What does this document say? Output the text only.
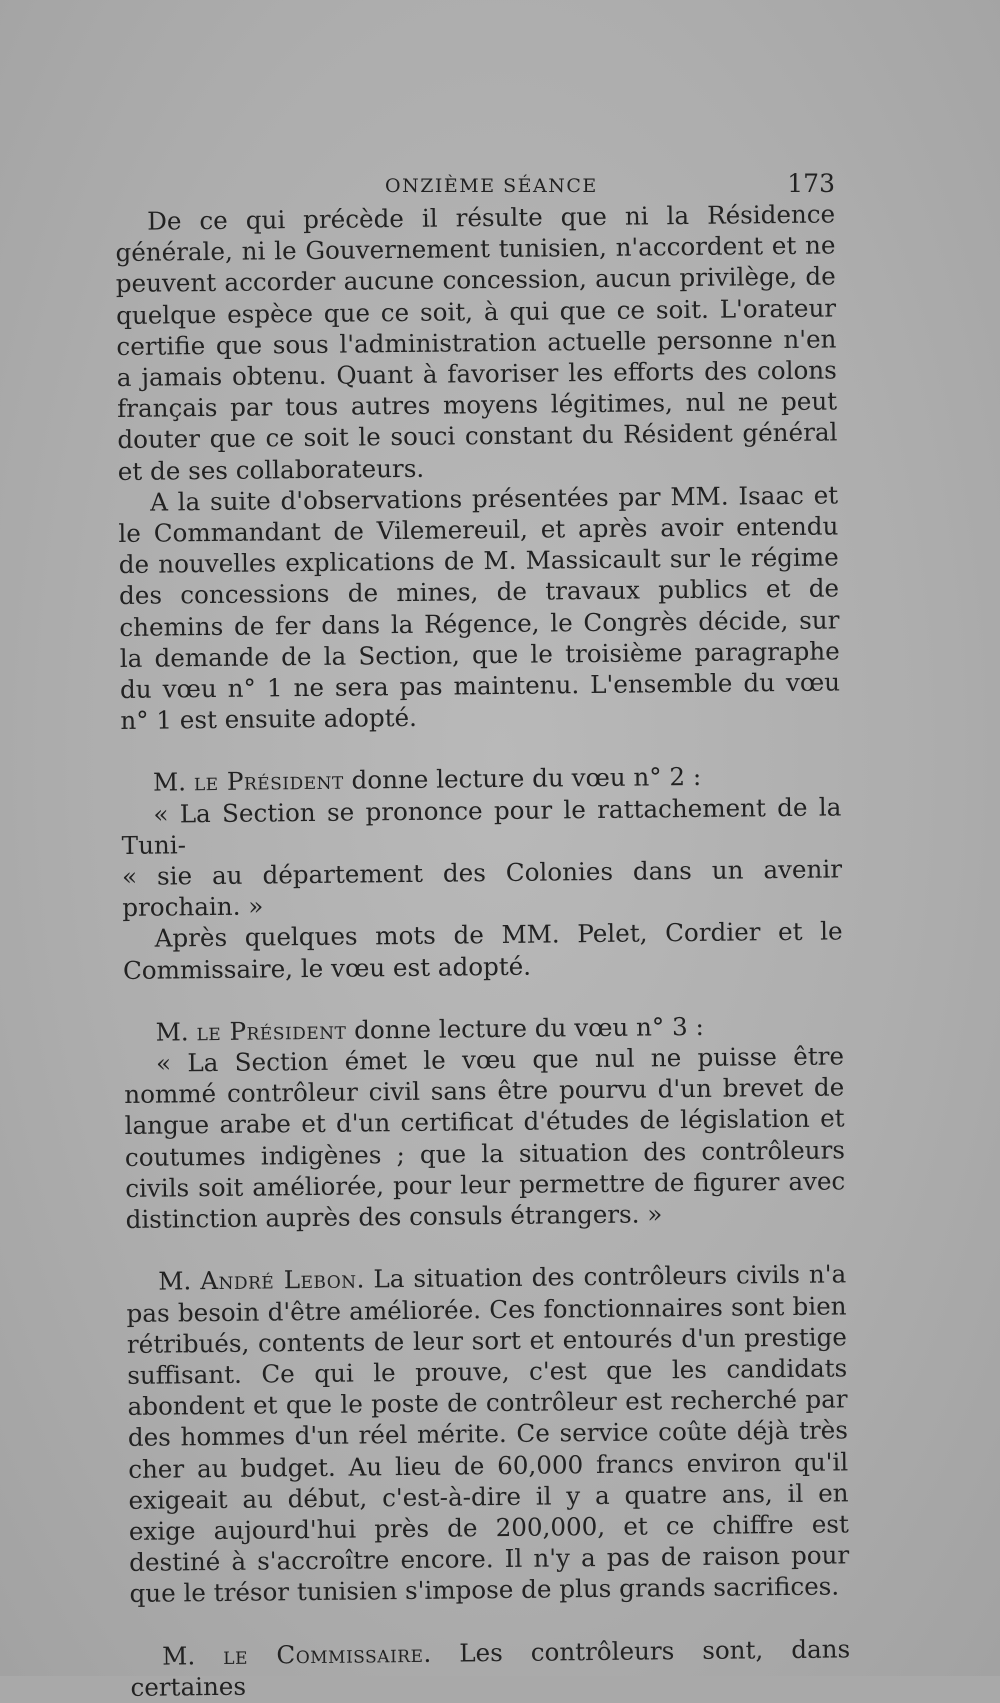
ONZIÈME SÉANCE	173

De ce qui précède il résulte que ni la Résidence générale, ni le Gouvernement tunisien, n'accordent et ne peuvent accorder aucune concession, aucun privilège, de quelque espèce que ce soit, à qui que ce soit. L'orateur certifie que sous l'administration actuelle personne n'en a jamais obtenu. Quant à favoriser les efforts des colons français par tous autres moyens légitimes, nul ne peut douter que ce soit le souci constant du Résident général et de ses collaborateurs.

A la suite d'observations présentées par MM. Isaac et le Commandant de Vilemereuil, et après avoir entendu de nouvelles explications de M. Massicault sur le régime des concessions de mines, de travaux publics et de chemins de fer dans la Régence, le Congrès décide, sur la demande de la Section, que le troisième paragraphe du vœu n° 1 ne sera pas maintenu. L'ensemble du vœu n° 1 est ensuite adopté.

M. le Président donne lecture du vœu n° 2 :

« La Section se prononce pour le rattachement de la Tuni-
« sie au département des Colonies dans un avenir prochain. »

Après quelques mots de MM. Pelet, Cordier et le Commissaire, le vœu est adopté.

M. le Président donne lecture du vœu n° 3 :

« La Section émet le vœu que nul ne puisse être nommé contrôleur civil sans être pourvu d'un brevet de langue arabe et d'un certificat d'études de législation et coutumes indigènes ; que la situation des contrôleurs civils soit améliorée, pour leur permettre de figurer avec distinction auprès des consuls étrangers. »

M. André Lebon. La situation des contrôleurs civils n'a pas besoin d'être améliorée. Ces fonctionnaires sont bien rétribués, contents de leur sort et entourés d'un prestige suffisant. Ce qui le prouve, c'est que les candidats abondent et que le poste de contrôleur est recherché par des hommes d'un réel mérite. Ce service coûte déjà très cher au budget. Au lieu de 60,000 francs environ qu'il exigeait au début, c'est-à-dire il y a quatre ans, il en exige aujourd'hui près de 200,000, et ce chiffre est destiné à s'accroître encore. Il n'y a pas de raison pour que le trésor tunisien s'impose de plus grands sacrifices.

M. le Commissaire. Les contrôleurs sont, dans certaines
